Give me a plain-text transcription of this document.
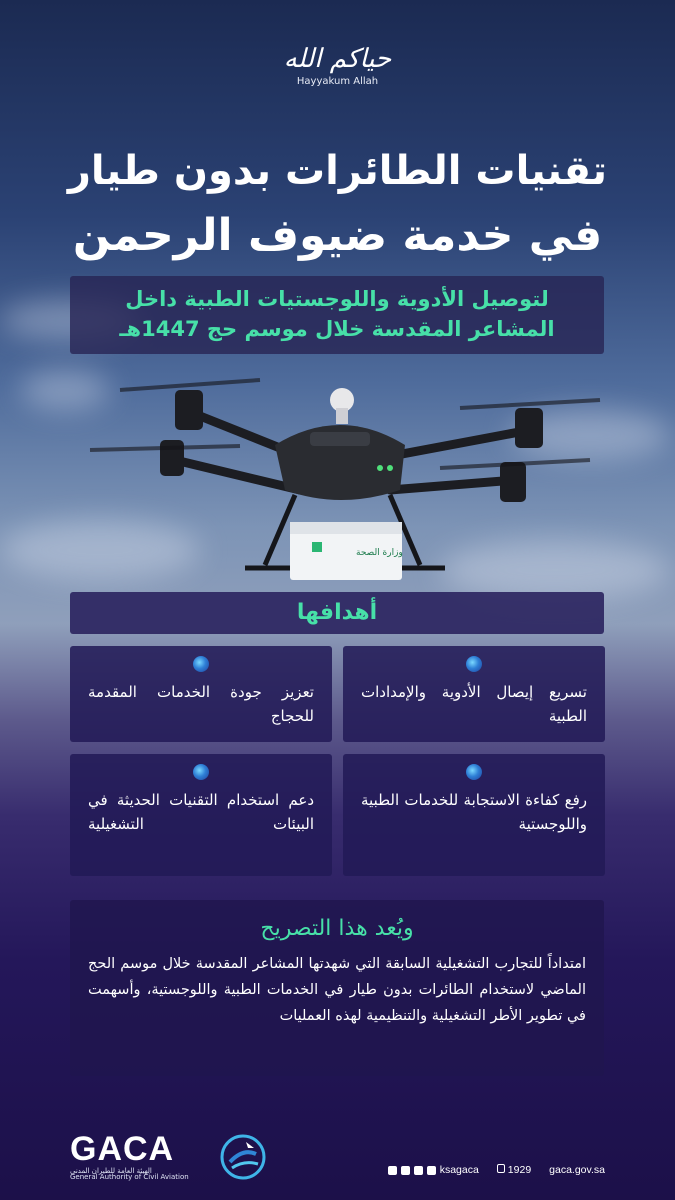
حياكم الله
Hayyakum Allah
تقنيات الطائرات بدون طيار
في خدمة ضيوف الرحمن
لتوصيل الأدوية واللوجستيات الطبية داخل
المشاعر المقدسة خلال موسم حج 1447هـ
وزارة الصحة
أهدافها
تسريع إيصال الأدوية والإمدادات الطبية
تعزيز جودة الخدمات المقدمة للحجاج
رفع كفاءة الاستجابة للخدمات الطبية واللوجستية
دعم استخدام التقنيات الحديثة في البيئات التشغيلية
ويُعد هذا التصريح
امتداداً للتجارب التشغيلية السابقة التي شهدتها المشاعر المقدسة خلال موسم الحج الماضي لاستخدام الطائرات بدون طيار في الخدمات الطبية واللوجستية، وأسهمت في تطوير الأطر التشغيلية والتنظيمية لهذه العمليات
GACA
الهيئة العامة للطيران المدني
General Authority of Civil Aviation
ksagaca	1929 gaca.gov.sa
